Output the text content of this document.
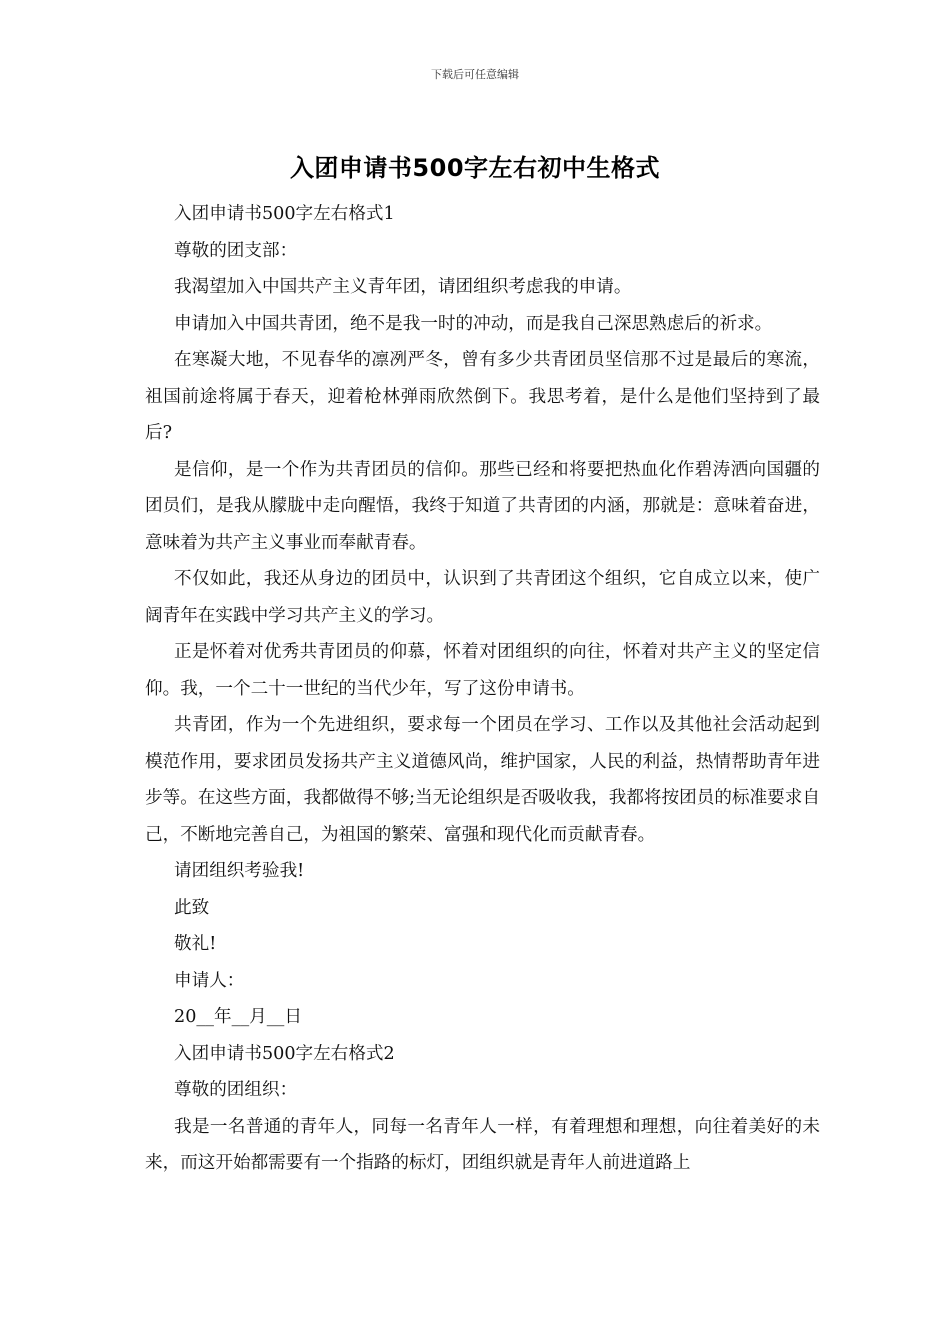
下载后可任意编辑
入团申请书500字左右初中生格式

入团申请书500字左右格式1

尊敬的团支部：

我渴望加入中国共产主义青年团，请团组织考虑我的申请。

申请加入中国共青团，绝不是我一时的冲动，而是我自己深思熟虑后的祈求。

在寒凝大地，不见春华的凛冽严冬，曾有多少共青团员坚信那不过是最后的寒流，祖国前途将属于春天，迎着枪林弹雨欣然倒下。我思考着，是什么是他们坚持到了最后?

是信仰，是一个作为共青团员的信仰。那些已经和将要把热血化作碧涛洒向国疆的团员们，是我从朦胧中走向醒悟，我终于知道了共青团的内涵，那就是：意味着奋进，意味着为共产主义事业而奉献青春。

不仅如此，我还从身边的团员中，认识到了共青团这个组织，它自成立以来，使广阔青年在实践中学习共产主义的学习。

正是怀着对优秀共青团员的仰慕，怀着对团组织的向往，怀着对共产主义的坚定信仰。我，一个二十一世纪的当代少年，写了这份申请书。

共青团，作为一个先进组织，要求每一个团员在学习、工作以及其他社会活动起到模范作用，要求团员发扬共产主义道德风尚，维护国家，人民的利益，热情帮助青年进步等。在这些方面，我都做得不够;当无论组织是否吸收我，我都将按团员的标准要求自己，不断地完善自己，为祖国的繁荣、富强和现代化而贡献青春。

请团组织考验我!

此致

敬礼!

申请人：

20__年__月__日

入团申请书500字左右格式2

尊敬的团组织：

我是一名普通的青年人，同每一名青年人一样，有着理想和理想，向往着美好的未来，而这开始都需要有一个指路的标灯，团组织就是青年人前进道路上
